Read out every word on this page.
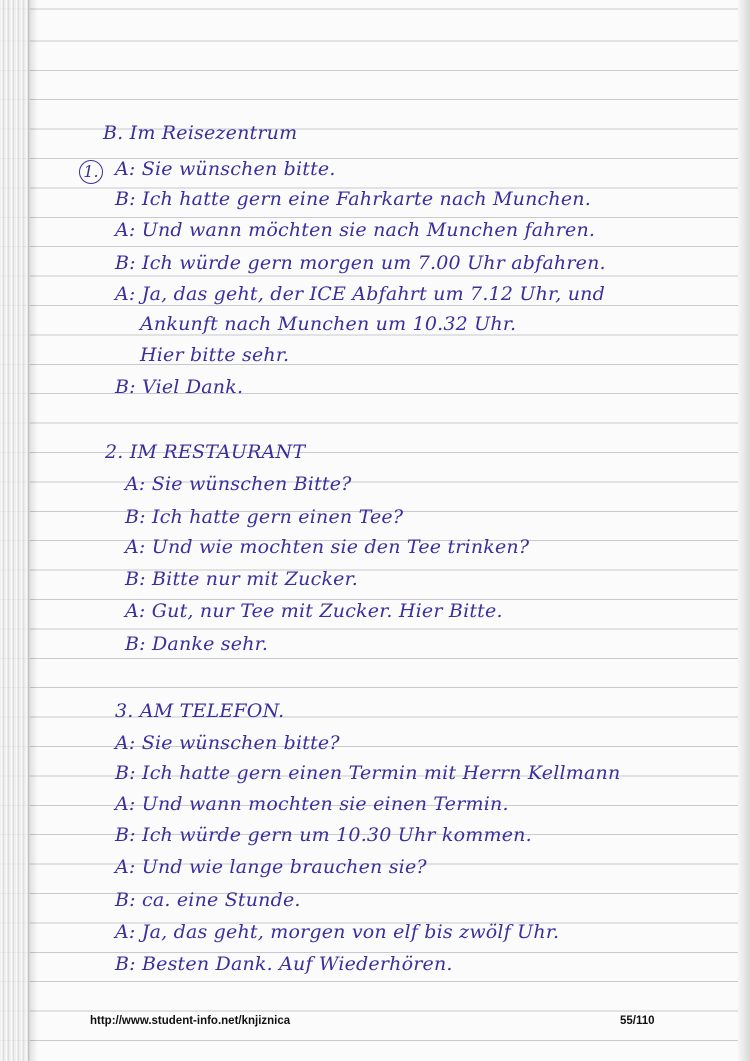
B. Im Reisezentrum
1. A: Sie wünschen bitte.
B: Ich hatte gern eine Fahrkarte nach Munchen.
A: Und wann möchten sie nach Munchen fahren.
B: Ich würde gern morgen um 7.00 Uhr abfahren.
A: Ja, das geht, der ICE Abfahrt um 7.12 Uhr, und
Ankunft nach Munchen um 10.32 Uhr.
Hier bitte sehr.
B: Viel Dank.
2. IM RESTAURANT
A: Sie wünschen Bitte?
B: Ich hatte gern einen Tee?
A: Und wie mochten sie den Tee trinken?
B: Bitte nur mit Zucker.
A: Gut, nur Tee mit Zucker. Hier Bitte.
B: Danke sehr.
3. AM TELEFON.
A: Sie wünschen bitte?
B: Ich hatte gern einen Termin mit Herrn Kellmann
A: Und wann mochten sie einen Termin.
B: Ich würde gern um 10.30 Uhr kommen.
A: Und wie lange brauchen sie?
B: ca. eine Stunde.
A: Ja, das geht, morgen von elf bis zwölf Uhr.
B: Besten Dank. Auf Wiederhören.
http://www.student-info.net/knjiznica	55/110
